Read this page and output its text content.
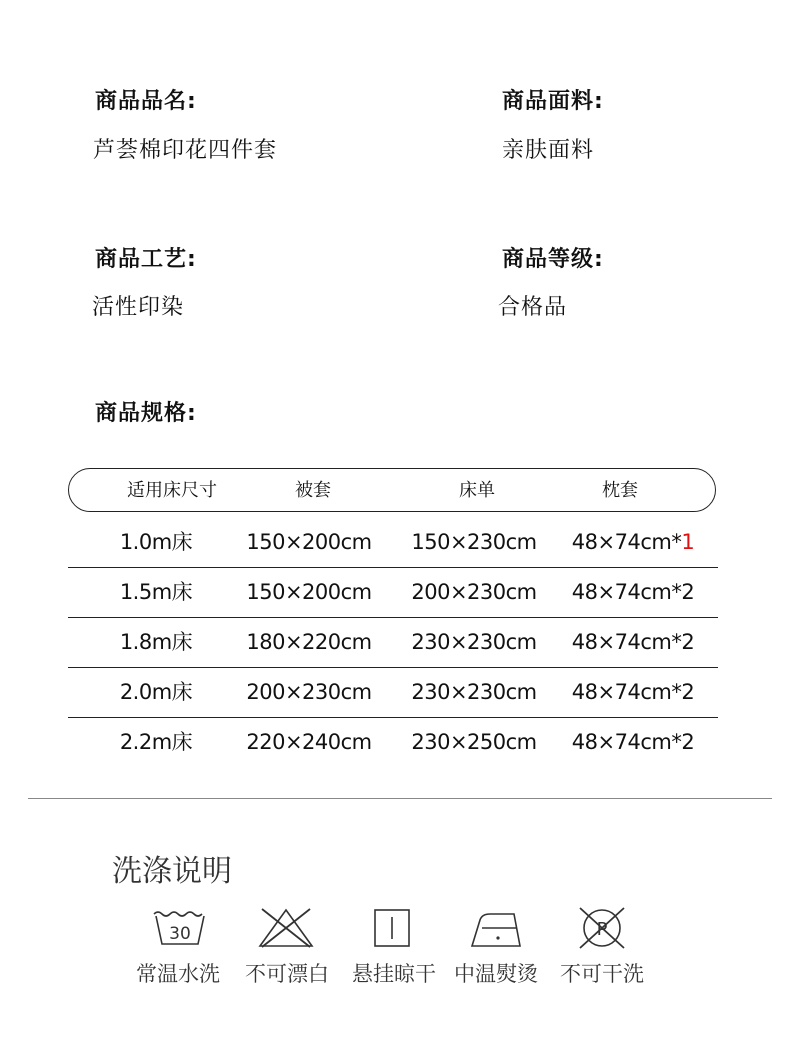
商品品名:
芦荟棉印花四件套
商品面料:
亲肤面料
商品工艺:
活性印染
商品等级:
合格品
商品规格:
适用床尺寸	被套	床单	枕套
1.0m床	150×200cm 150×230cm 48×74cm*1
1.5m床	150×200cm 200×230cm 48×74cm*2
1.8m床	180×220cm 230×230cm 48×74cm*2
2.0m床	200×230cm 230×230cm 48×74cm*2
2.2m床	220×240cm 230×250cm 48×74cm*2
洗涤说明
30	P
常温水洗 不可漂白 悬挂晾干 中温熨烫 不可干洗
